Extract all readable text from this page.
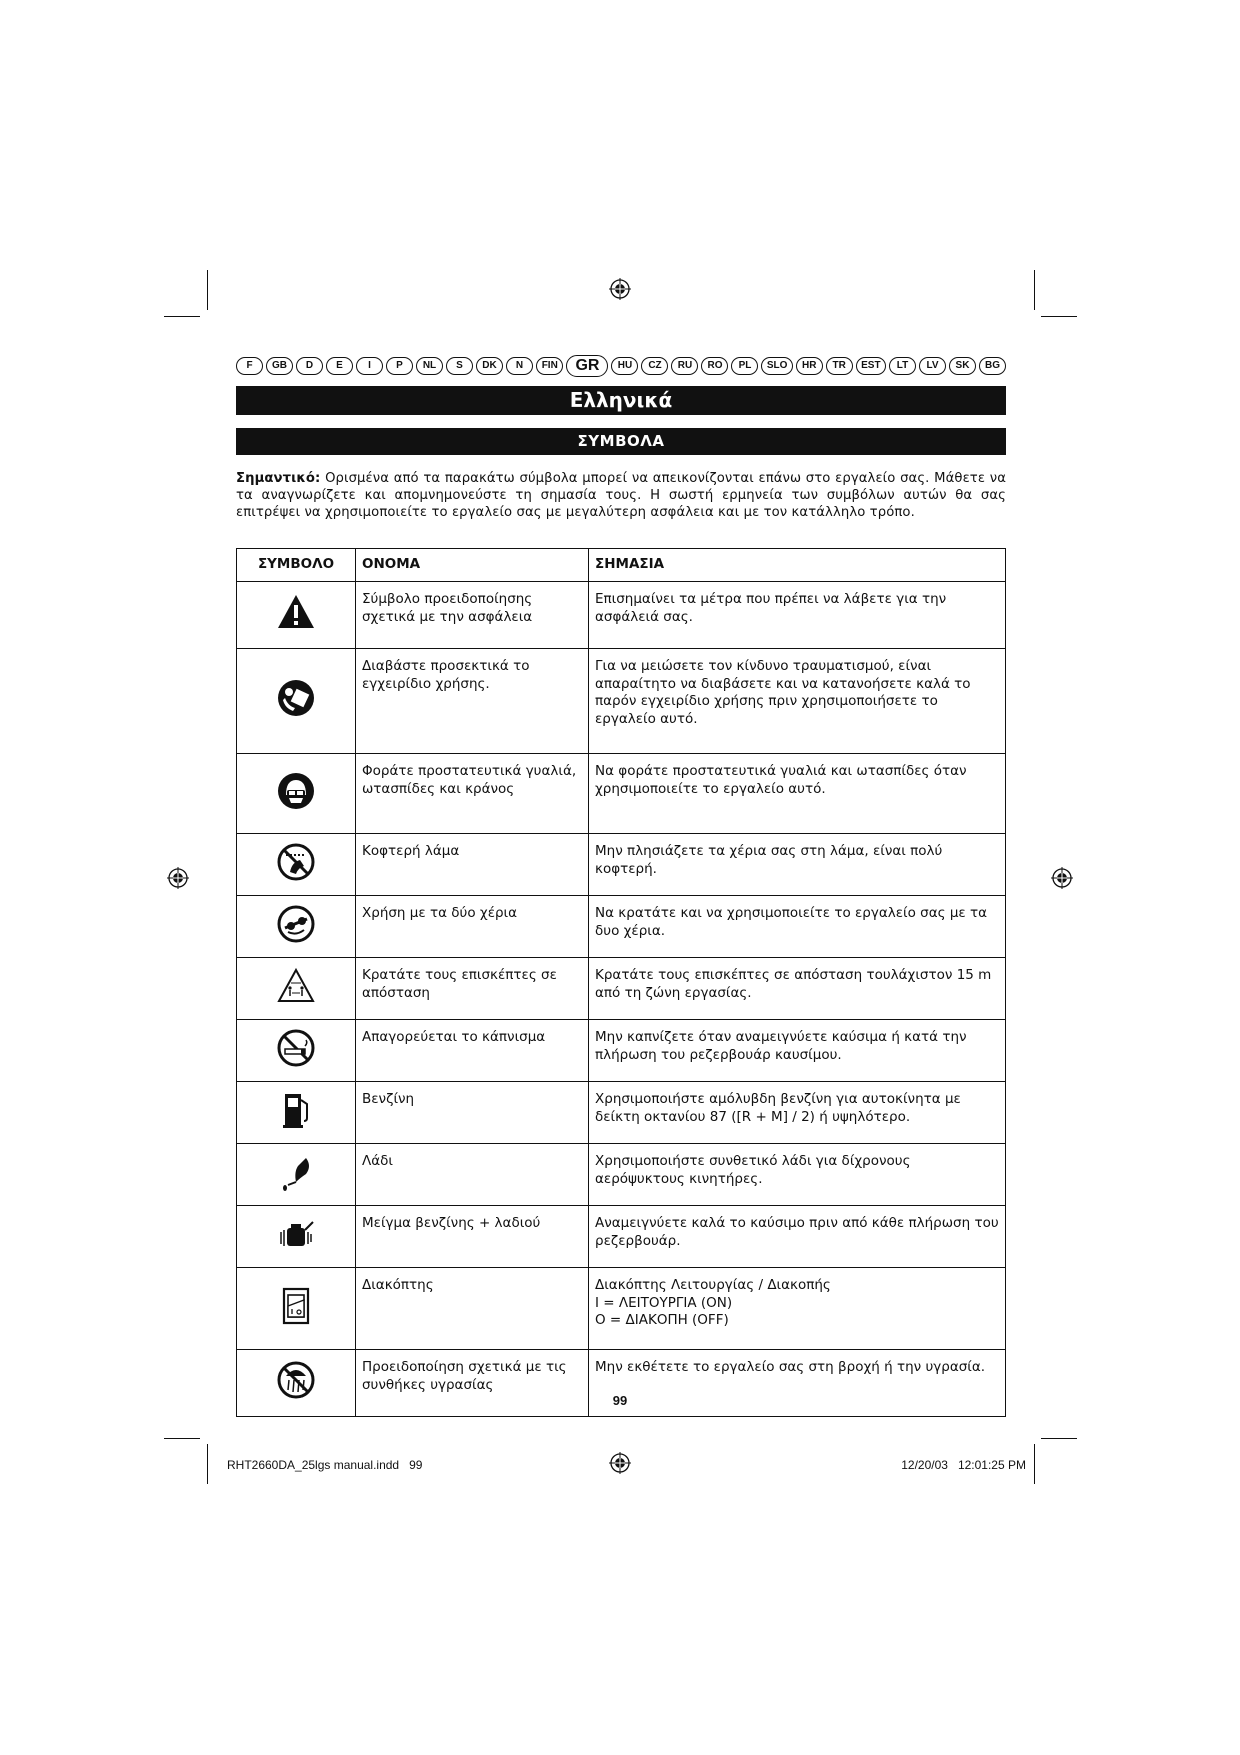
F	GB	D	E	I	P	NL	S	DK	N	FIN	GR	HU	CZ	RU	RO	PL	SLO	HR	TR	EST	LT	LV	SK	BG
Ελληνικά
ΣΥΜΒΟΛΑ
Σημαντικό: Ορισμένα από τα παρακάτω σύμβολα μπορεί να απεικονίζονται επάνω στο εργαλείο σας. Μάθετε να τα αναγνωρίζετε και απομνημονεύστε τη σημασία τους. Η σωστή ερμηνεία των συμβόλων αυτών θα σας επιτρέψει να χρησιμοποιείτε το εργαλείο σας με μεγαλύτερη ασφάλεια και με τον κατάλληλο τρόπο.
ΣΥΜΒΟΛΟ	ΟΝΟΜΑ	ΣΗΜΑΣΙΑ
	Σύμβολο προειδοποίησης σχετικά με την ασφάλεια	Επισημαίνει τα μέτρα που πρέπει να λάβετε για την ασφάλειά σας.
	Διαβάστε προσεκτικά το εγχειρίδιο χρήσης.	Για να μειώσετε τον κίνδυνο τραυματισμού, είναι απαραίτητο να διαβάσετε και να κατανοήσετε καλά το παρόν εγχειρίδιο χρήσης πριν χρησιμοποιήσετε το εργαλείο αυτό.
	Φοράτε προστατευτικά γυαλιά, ωτασπίδες και κράνος	Να φοράτε προστατευτικά γυαλιά και ωτασπίδες όταν χρησιμοποιείτε το εργαλείο αυτό.
	Κοφτερή λάμα	Μην πλησιάζετε τα χέρια σας στη λάμα, είναι πολύ κοφτερή.
	Χρήση με τα δύο χέρια	Να κρατάτε και να χρησιμοποιείτε το εργαλείο σας με τα δυο χέρια.
	Κρατάτε τους επισκέπτες σε απόσταση	Κρατάτε τους επισκέπτες σε απόσταση τουλάχιστον 15 m από τη ζώνη εργασίας.
	Απαγορεύεται το κάπνισμα	Μην καπνίζετε όταν αναμειγνύετε καύσιμα ή κατά την πλήρωση του ρεζερβουάρ καυσίμου.
	Βενζίνη	Χρησιμοποιήστε αμόλυβδη βενζίνη για αυτοκίνητα με δείκτη οκτανίου 87 ([R + M] / 2) ή υψηλότερο.
	Λάδι	Χρησιμοποιήστε συνθετικό λάδι για δίχρονους αερόψυκτους κινητήρες.
	Μείγμα βενζίνης + λαδιού	Αναμειγνύετε καλά το καύσιμο πριν από κάθε πλήρωση του ρεζερβουάρ.
	Διακόπτης	Διακόπτης Λειτουργίας / Διακοπής
I = ΛΕΙΤΟΥΡΓΙΑ (ON)
O = ΔΙΑΚΟΠΗ (OFF)
	Προειδοποίηση σχετικά με τις συνθήκες υγρασίας	Μην εκθέτετε το εργαλείο σας στη βροχή ή την υγρασία.
99
RHT2660DA_25lgs manual.indd   99	12/20/03   12:01:25 PM
